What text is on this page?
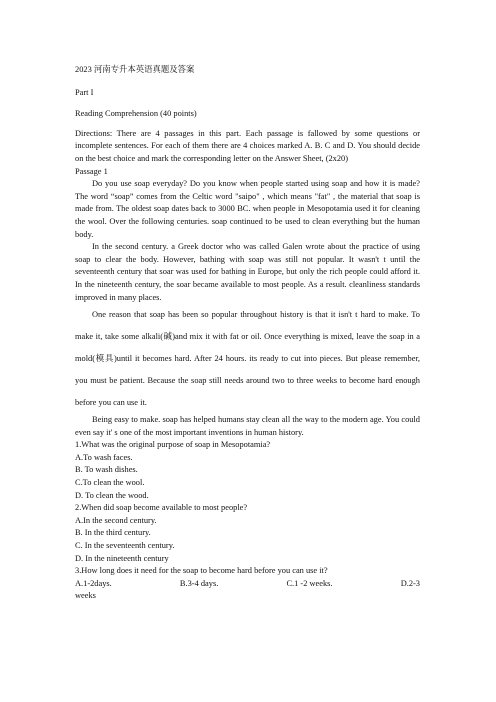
2023 河南专升本英语真题及答案
Part I
Reading Comprehension (40 points)

Directions: There are 4 passages in this part. Each passage is fallowed by some questions or incomplete sentences. For each of them there are 4 choices marked A. B. C and D. You should decide on the best choice and mark the corresponding letter on the Answer Sheet, (2x20)

Passage 1

Do you use soap everyday? Do you know when people started using soap and how it is made? The word “soap” comes from the Celtic word "saipo" , which means "fat" , the material that soap is made from. The oldest soap dates back to 3000 BC. when people in Mesopotamia used it for cleaning the wool. Over the following centuries. soap continued to be used to clean everything but the human body.

In the second century. a Greek doctor who was called Galen wrote about the practice of using soap to clear the body. However, bathing with soap was still not popular. It wasn't t until the seventeenth century that soar was used for bathing in Europe, but only the rich people could afford it. In the nineteenth century, the soar became available to most people. As a result. cleanliness standards improved in many places.

One reason that soap has been so popular throughout history is that it isn't t hard to make. To make it, take some alkali(碱)and mix it with fat or oil. Once everything is mixed, leave the soap in a mold(模具)until it becomes hard. After 24 hours. its ready to cut into pieces. But please remember, you must be patient. Because the soap still needs around two to three weeks to become hard enough before you can use it.

Being easy to make. soap has helped humans stay clean all the way to the modern age. You could even say it' s one of the most important inventions in human history.

1.What was the original purpose of soap in Mesopotamia?
A.To wash faces.
B. To wash dishes.
C.To clean the wool.
D. To clean the wood.
2.When did soap become available to most people?
A.In the second century.
B. In the third century.
C. In the seventeenth century.
D. In the nineteenth century
3.How long does it need for the soap to become hard before you can use it?
A.1-2days.	B.3-4 days.	C.1 -2 weeks.	D.2-3
weeks
